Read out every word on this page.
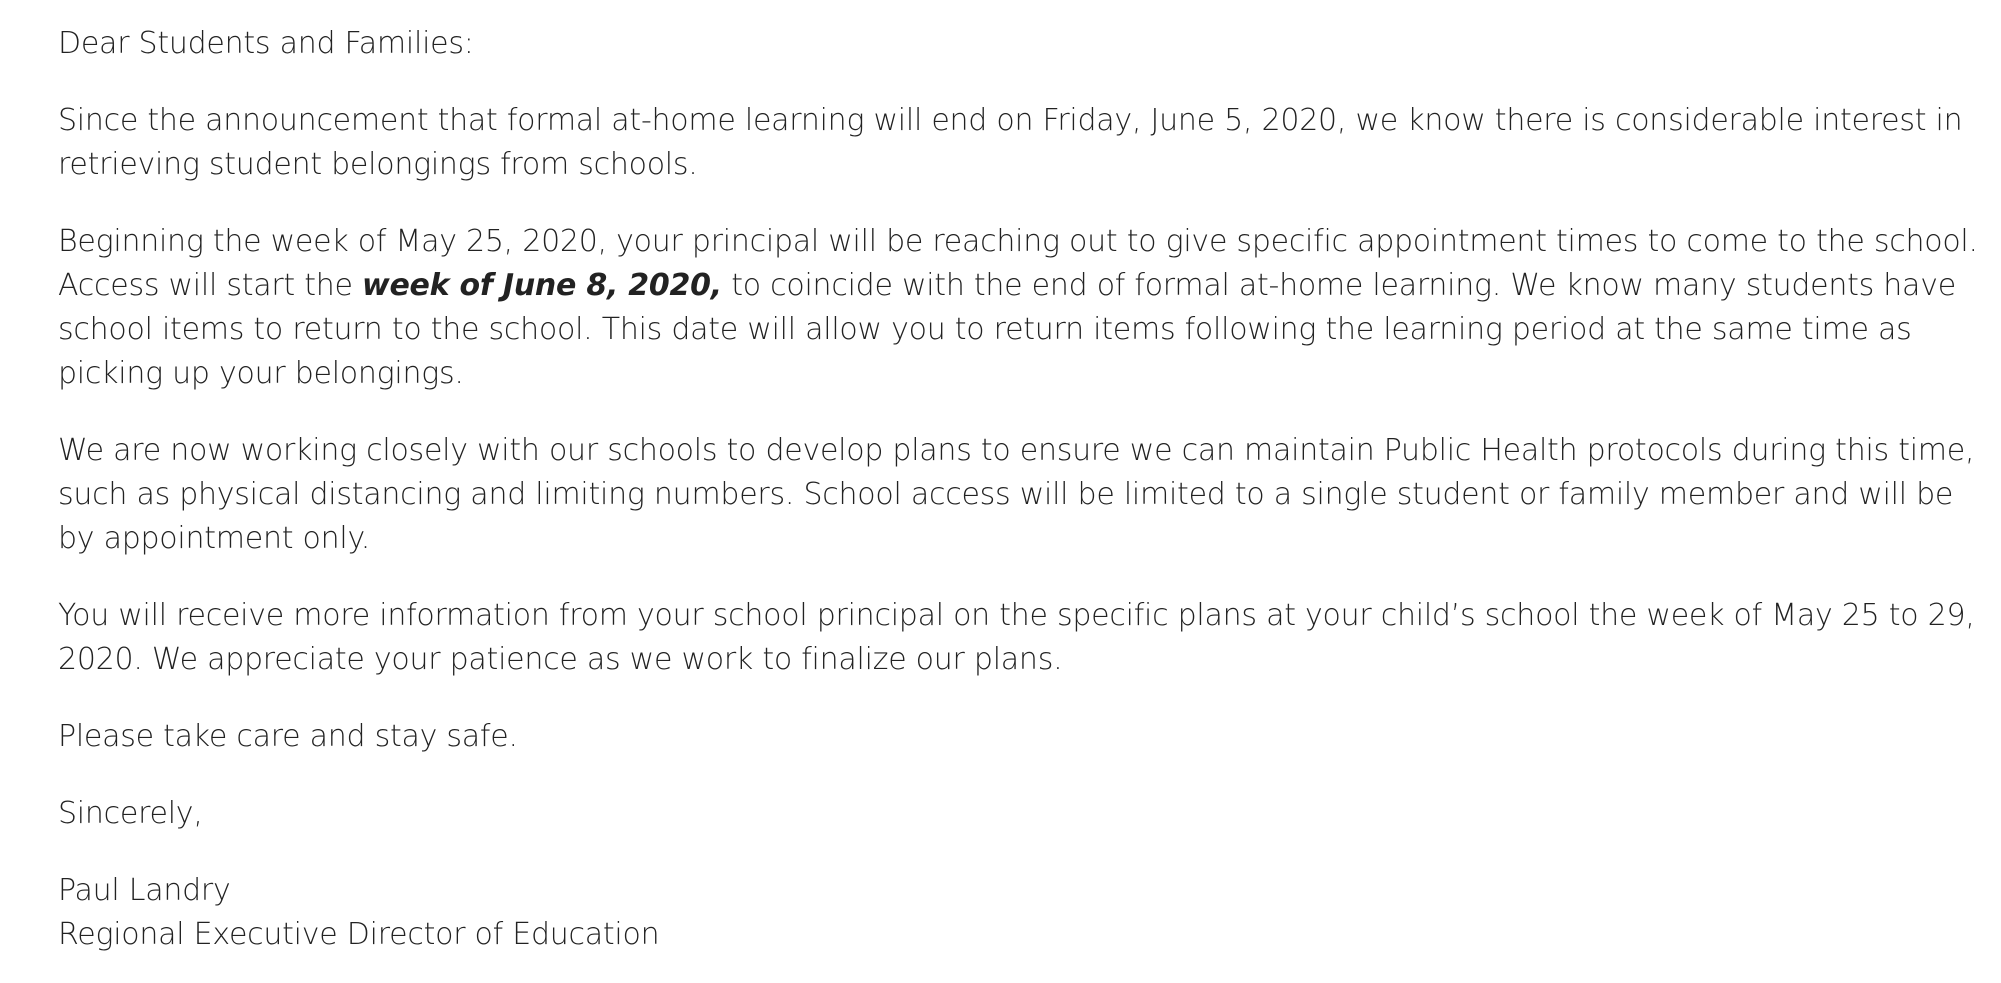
Dear Students and Families:

Since the announcement that formal at-home learning will end on Friday, June 5, 2020, we know there is considerable interest in retrieving student belongings from schools.

Beginning the week of May 25, 2020, your principal will be reaching out to give specific appointment times to come to the school. Access will start the week of June 8, 2020, to coincide with the end of formal at-home learning. We know many students have school items to return to the school. This date will allow you to return items following the learning period at the same time as picking up your belongings.

We are now working closely with our schools to develop plans to ensure we can maintain Public Health protocols during this time, such as physical distancing and limiting numbers. School access will be limited to a single student or family member and will be by appointment only.

You will receive more information from your school principal on the specific plans at your child’s school the week of May 25 to 29, 2020. We appreciate your patience as we work to finalize our plans.

Please take care and stay safe.

Sincerely,

Paul Landry
Regional Executive Director of Education
